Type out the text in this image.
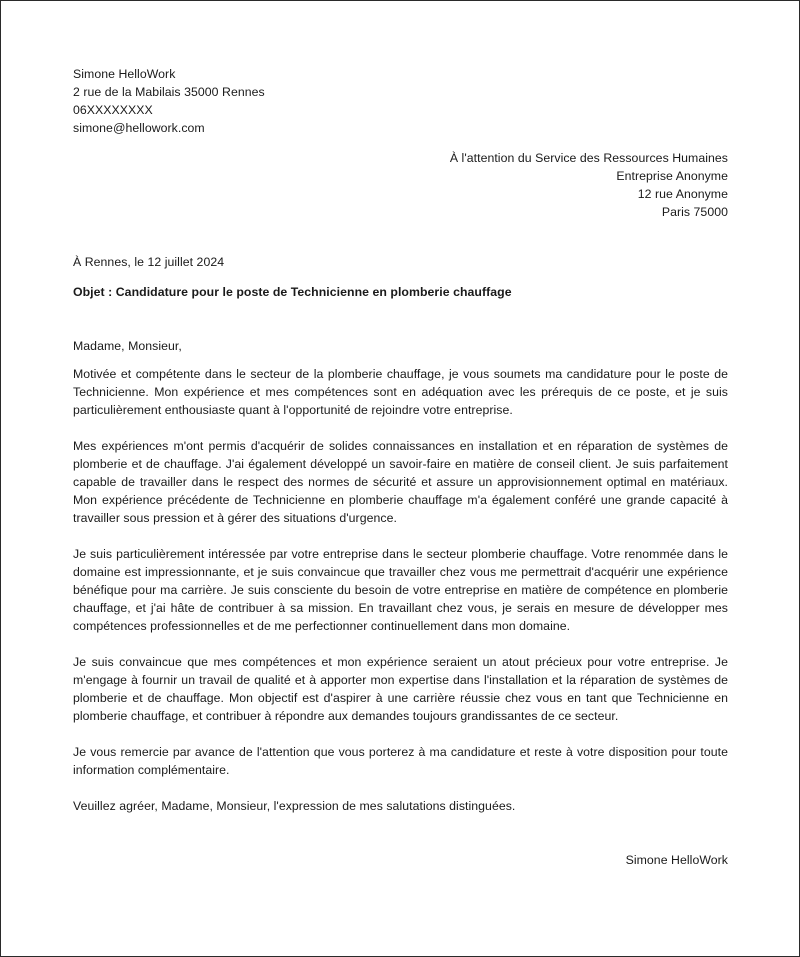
Simone HelloWork
2 rue de la Mabilais 35000 Rennes
06XXXXXXXX
simone@hellowork.com
À l'attention du Service des Ressources Humaines
Entreprise Anonyme
12 rue Anonyme
Paris 75000
À Rennes, le 12 juillet 2024
Objet : Candidature pour le poste de Technicienne en plomberie chauffage
Madame, Monsieur,
Motivée et compétente dans le secteur de la plomberie chauffage, je vous soumets ma candidature pour le poste de Technicienne. Mon expérience et mes compétences sont en adéquation avec les prérequis de ce poste, et je suis particulièrement enthousiaste quant à l'opportunité de rejoindre votre entreprise.
Mes expériences m'ont permis d'acquérir de solides connaissances en installation et en réparation de systèmes de plomberie et de chauffage. J'ai également développé un savoir-faire en matière de conseil client. Je suis parfaitement capable de travailler dans le respect des normes de sécurité et assure un approvisionnement optimal en matériaux. Mon expérience précédente de Technicienne en plomberie chauffage m'a également conféré une grande capacité à travailler sous pression et à gérer des situations d'urgence.
Je suis particulièrement intéressée par votre entreprise dans le secteur plomberie chauffage. Votre renommée dans le domaine est impressionnante, et je suis convaincue que travailler chez vous me permettrait d'acquérir une expérience bénéfique pour ma carrière. Je suis consciente du besoin de votre entreprise en matière de compétence en plomberie chauffage, et j'ai hâte de contribuer à sa mission. En travaillant chez vous, je serais en mesure de développer mes compétences professionnelles et de me perfectionner continuellement dans mon domaine.
Je suis convaincue que mes compétences et mon expérience seraient un atout précieux pour votre entreprise. Je m'engage à fournir un travail de qualité et à apporter mon expertise dans l'installation et la réparation de systèmes de plomberie et de chauffage. Mon objectif est d'aspirer à une carrière réussie chez vous en tant que Technicienne en plomberie chauffage, et contribuer à répondre aux demandes toujours grandissantes de ce secteur.
Je vous remercie par avance de l'attention que vous porterez à ma candidature et reste à votre disposition pour toute information complémentaire.
Veuillez agréer, Madame, Monsieur, l'expression de mes salutations distinguées.
Simone HelloWork
